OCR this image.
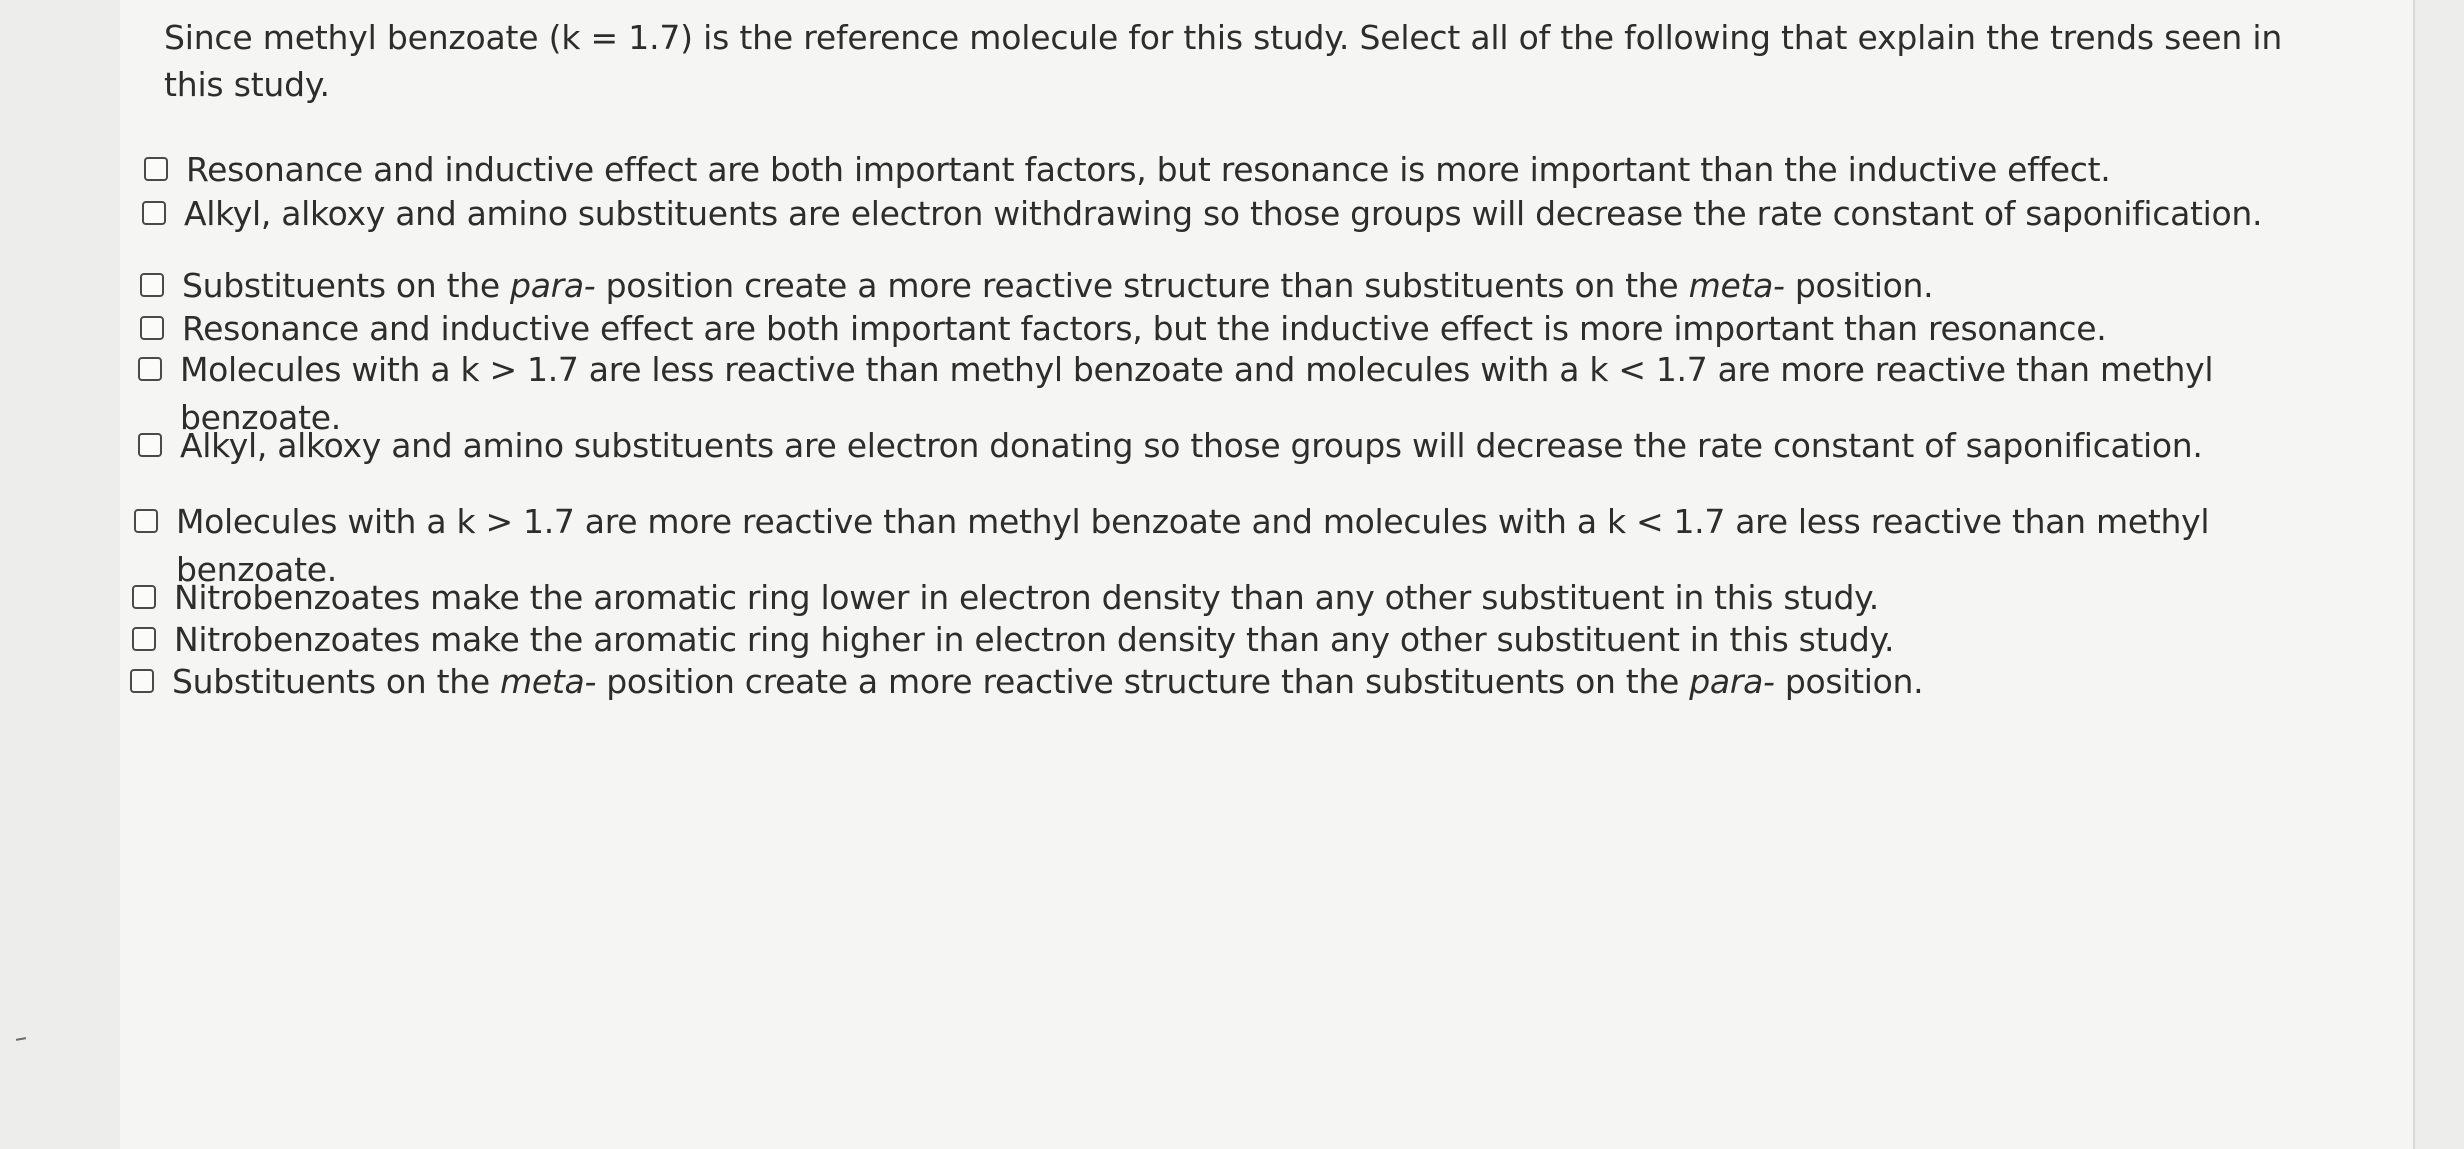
Since methyl benzoate (k = 1.7) is the reference molecule for this study. Select all of the following that explain the trends seen in this study.

Resonance and inductive effect are both important factors, but resonance is more important than the inductive effect.
Alkyl, alkoxy and amino substituents are electron withdrawing so those groups will decrease the rate constant of saponification.
Substituents on the para- position create a more reactive structure than substituents on the meta- position.
Resonance and inductive effect are both important factors, but the inductive effect is more important than resonance.
Molecules with a k > 1.7 are less reactive than methyl benzoate and molecules with a k < 1.7 are more reactive than methyl benzoate.
Alkyl, alkoxy and amino substituents are electron donating so those groups will decrease the rate constant of saponification.
Molecules with a k > 1.7 are more reactive than methyl benzoate and molecules with a k < 1.7 are less reactive than methyl benzoate.
Nitrobenzoates make the aromatic ring lower in electron density than any other substituent in this study.
Nitrobenzoates make the aromatic ring higher in electron density than any other substituent in this study.
Substituents on the meta- position create a more reactive structure than substituents on the para- position.
